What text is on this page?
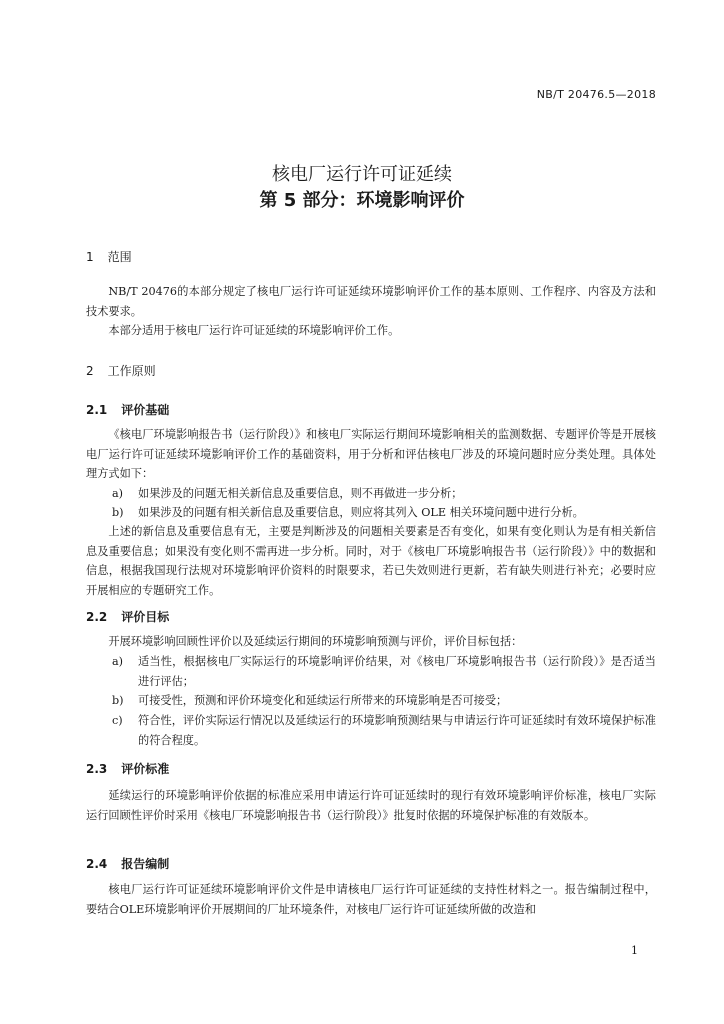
NB/T 20476.5—2018
核电厂运行许可证延续
第 5 部分：环境影响评价
1 范围

NB/T 20476的本部分规定了核电厂运行许可证延续环境影响评价工作的基本原则、工作程序、内容及方法和技术要求。

本部分适用于核电厂运行许可证延续的环境影响评价工作。

2 工作原则
2.1 评价基础

《核电厂环境影响报告书（运行阶段）》和核电厂实际运行期间环境影响相关的监测数据、专题评价等是开展核电厂运行许可证延续环境影响评价工作的基础资料，用于分析和评估核电厂涉及的环境问题时应分类处理。具体处理方式如下：

a) 如果涉及的问题无相关新信息及重要信息，则不再做进一步分析；
b) 如果涉及的问题有相关新信息及重要信息，则应将其列入 OLE 相关环境问题中进行分析。

上述的新信息及重要信息有无，主要是判断涉及的问题相关要素是否有变化，如果有变化则认为是有相关新信息及重要信息；如果没有变化则不需再进一步分析。同时，对于《核电厂环境影响报告书（运行阶段）》中的数据和信息，根据我国现行法规对环境影响评价资料的时限要求，若已失效则进行更新，若有缺失则进行补充；必要时应开展相应的专题研究工作。

2.2 评价目标

开展环境影响回顾性评价以及延续运行期间的环境影响预测与评价，评价目标包括：

a) 适当性，根据核电厂实际运行的环境影响评价结果，对《核电厂环境影响报告书（运行阶段）》是否适当进行评估；
b) 可接受性，预测和评价环境变化和延续运行所带来的环境影响是否可接受；
c) 符合性，评价实际运行情况以及延续运行的环境影响预测结果与申请运行许可证延续时有效环境保护标准的符合程度。
2.3 评价标准

延续运行的环境影响评价依据的标准应采用申请运行许可证延续时的现行有效环境影响评价标准，核电厂实际运行回顾性评价时采用《核电厂环境影响报告书（运行阶段）》批复时依据的环境保护标准的有效版本。

2.4 报告编制

核电厂运行许可证延续环境影响评价文件是申请核电厂运行许可证延续的支持性材料之一。报告编制过程中，要结合OLE环境影响评价开展期间的厂址环境条件，对核电厂运行许可证延续所做的改造和

1
